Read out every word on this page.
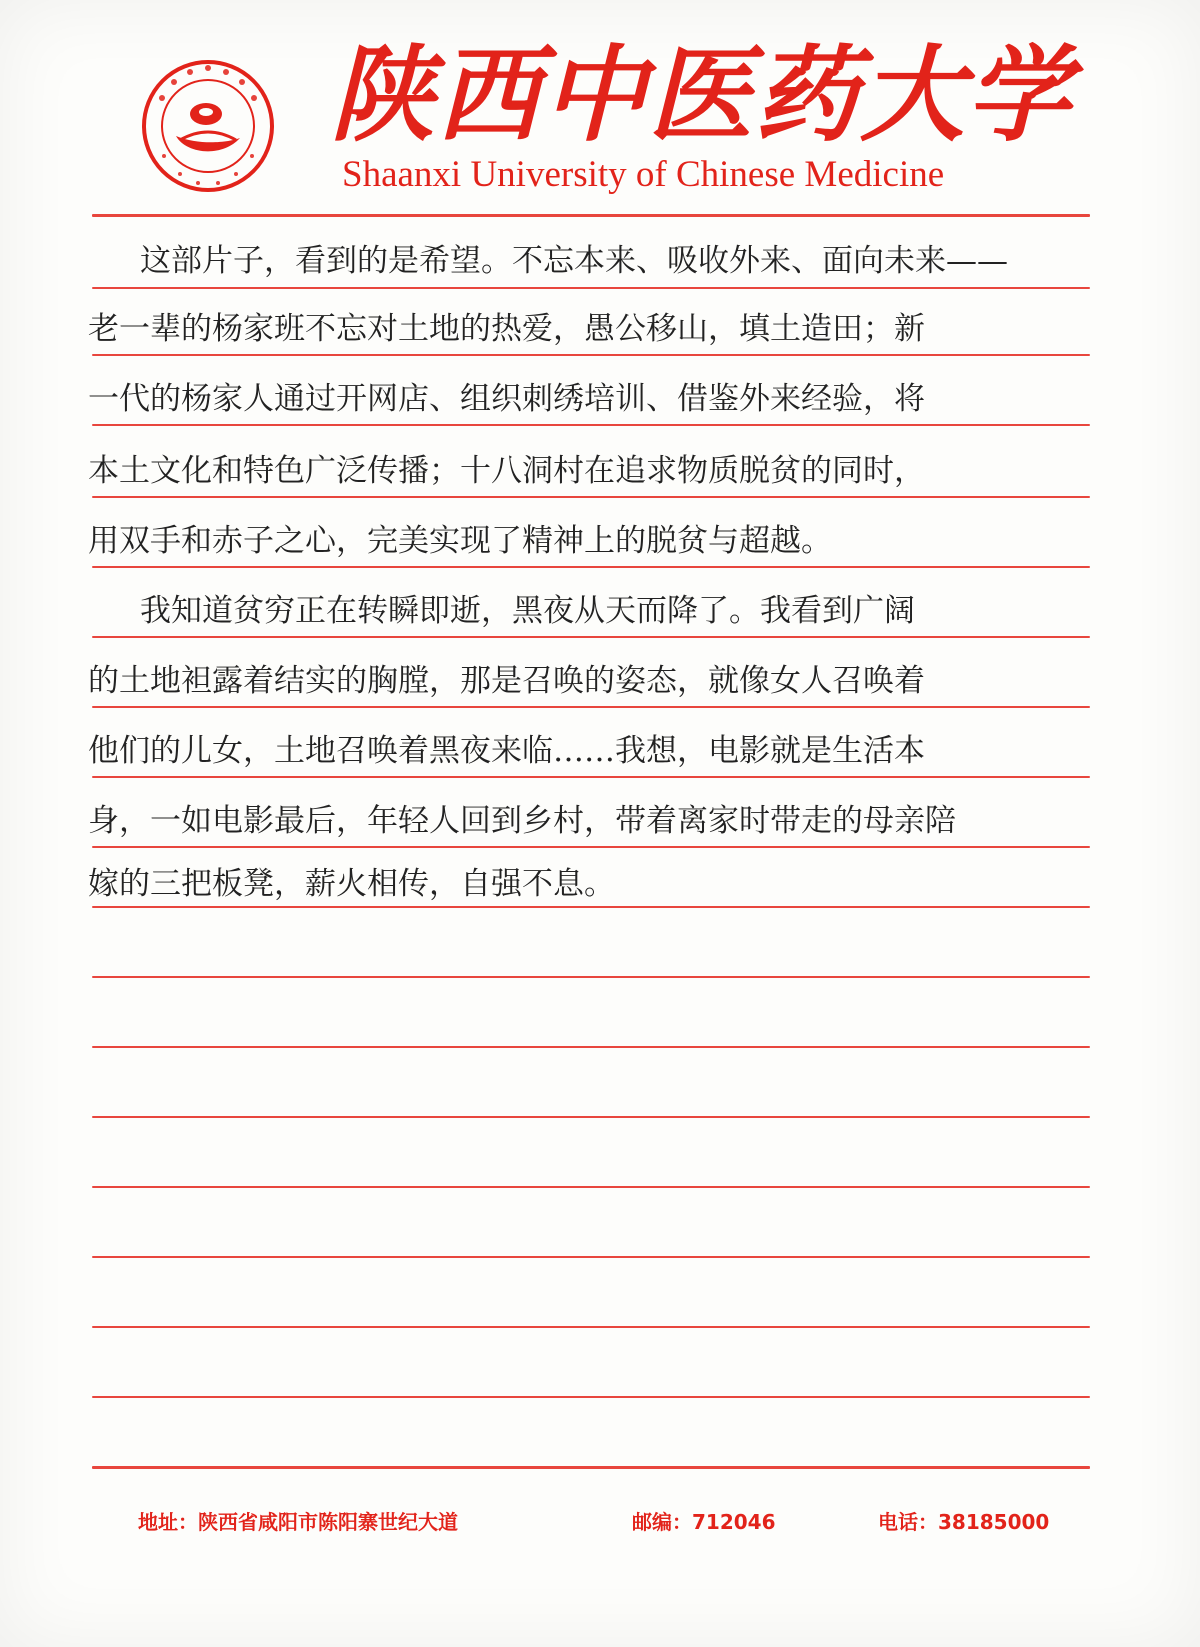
陕西中医药大学
Shaanxi University of Chinese Medicine
这部片子，看到的是希望。不忘本来、吸收外来、面向未来——
老一辈的杨家班不忘对土地的热爱，愚公移山，填土造田；新
一代的杨家人通过开网店、组织刺绣培训、借鉴外来经验，将
本土文化和特色广泛传播；十八洞村在追求物质脱贫的同时，
用双手和赤子之心，完美实现了精神上的脱贫与超越。
我知道贫穷正在转瞬即逝，黑夜从天而降了。我看到广阔
的土地袒露着结实的胸膛，那是召唤的姿态，就像女人召唤着
他们的儿女，土地召唤着黑夜来临……我想，电影就是生活本
身，一如电影最后，年轻人回到乡村，带着离家时带走的母亲陪
嫁的三把板凳，薪火相传，自强不息。
地址：陕西省咸阳市陈阳寨世纪大道	邮编：712046	电话：38185000
